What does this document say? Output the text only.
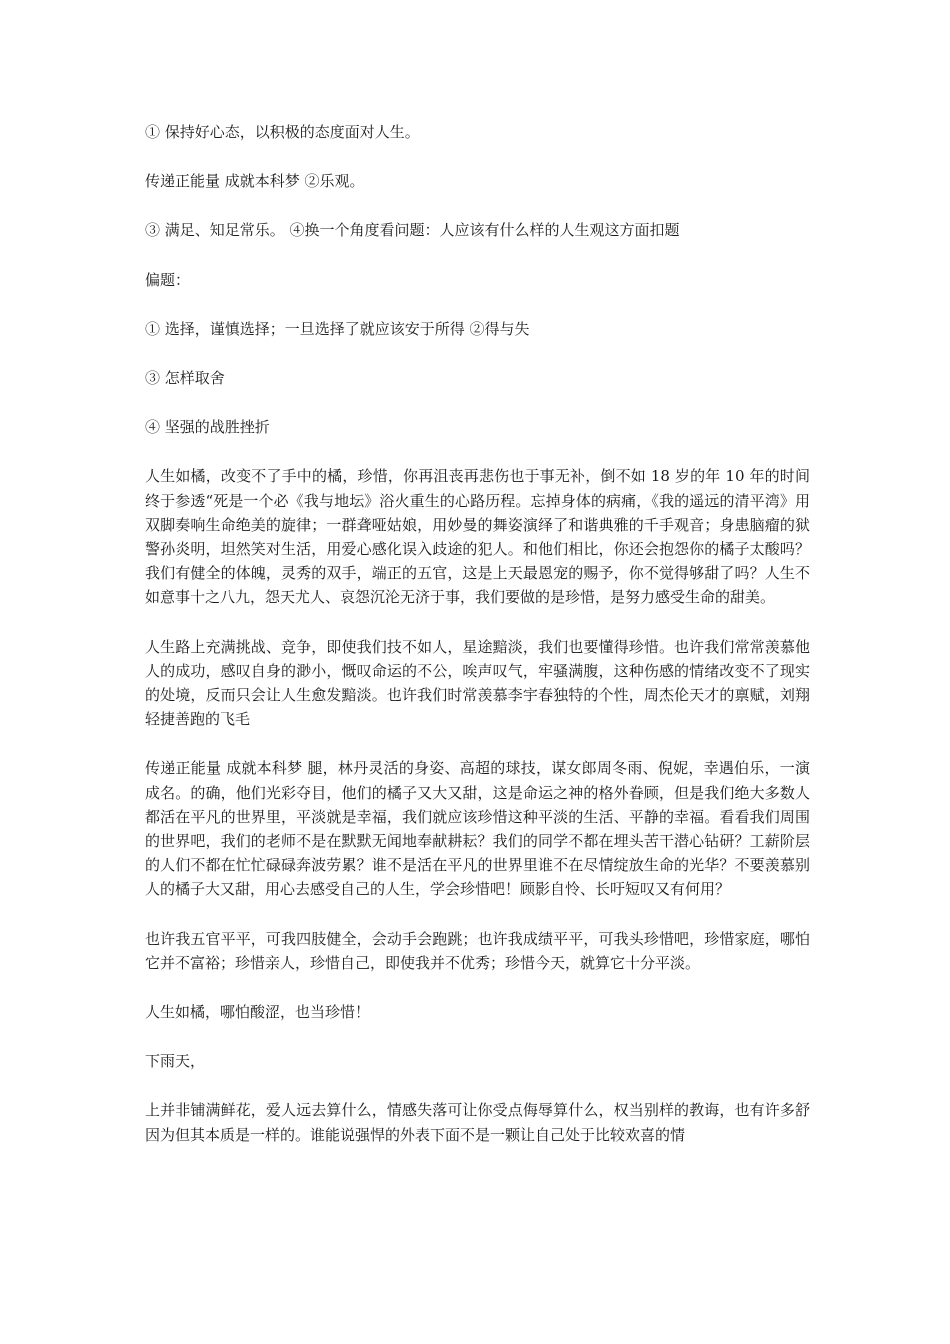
① 保持好心态，以积极的态度面对人生。

传递正能量 成就本科梦 ②乐观。

③ 满足、知足常乐。 ④换一个角度看问题：人应该有什么样的人生观这方面扣题

偏题：

① 选择，谨慎选择；一旦选择了就应该安于所得 ②得与失

③ 怎样取舍

④ 坚强的战胜挫折

人生如橘，改变不了手中的橘，珍惜，你再沮丧再悲伤也于事无补，倒不如 18 岁的年 10 年的时间终于参透“死是一个必《我与地坛》浴火重生的心路历程。忘掉身体的病痛，《我的遥远的清平湾》用双脚奏响生命绝美的旋律；一群聋哑姑娘，用妙曼的舞姿演绎了和谐典雅的千手观音；身患脑瘤的狱警孙炎明，坦然笑对生活，用爱心感化误入歧途的犯人。和他们相比，你还会抱怨你的橘子太酸吗？我们有健全的体魄，灵秀的双手，端正的五官，这是上天最恩宠的赐予，你不觉得够甜了吗？人生不如意事十之八九，怨天尤人、哀怨沉沦无济于事，我们要做的是珍惜，是努力感受生命的甜美。

人生路上充满挑战、竞争，即使我们技不如人，星途黯淡，我们也要懂得珍惜。也许我们常常羡慕他人的成功，感叹自身的渺小，慨叹命运的不公，唉声叹气，牢骚满腹，这种伤感的情绪改变不了现实的处境，反而只会让人生愈发黯淡。也许我们时常羡慕李宇春独特的个性，周杰伦天才的禀赋，刘翔轻捷善跑的飞毛

传递正能量 成就本科梦 腿，林丹灵活的身姿、高超的球技，谋女郎周冬雨、倪妮，幸遇伯乐，一演成名。的确，他们光彩夺目，他们的橘子又大又甜，这是命运之神的格外眷顾，但是我们绝大多数人都活在平凡的世界里，平淡就是幸福，我们就应该珍惜这种平淡的生活、平静的幸福。看看我们周围的世界吧，我们的老师不是在默默无闻地奉献耕耘？我们的同学不都在埋头苦干潜心钻研？工薪阶层的人们不都在忙忙碌碌奔波劳累？谁不是活在平凡的世界里谁不在尽情绽放生命的光华？不要羡慕别人的橘子大又甜，用心去感受自己的人生，学会珍惜吧！顾影自怜、长吁短叹又有何用？

也许我五官平平，可我四肢健全，会动手会跑跳；也许我成绩平平，可我头珍惜吧，珍惜家庭，哪怕它并不富裕；珍惜亲人，珍惜自己，即使我并不优秀；珍惜今天，就算它十分平淡。

人生如橘，哪怕酸涩，也当珍惜！

下雨天，

上并非铺满鲜花，爱人远去算什么，情感失落可让你受点侮辱算什么，权当别样的教诲，也有许多舒因为但其本质是一样的。谁能说强悍的外表下面不是一颗让自己处于比较欢喜的情
